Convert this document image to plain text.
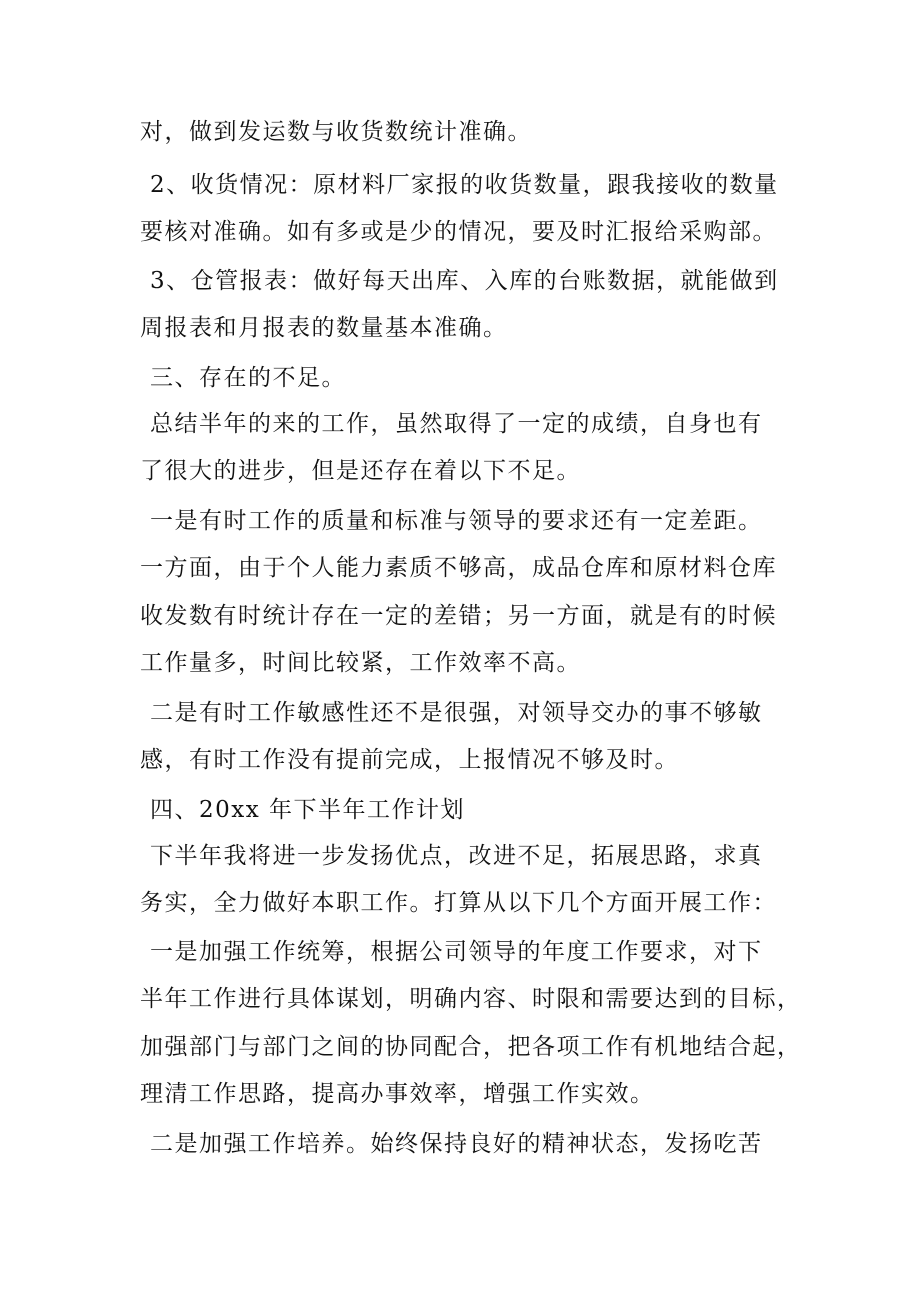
对，做到发运数与收货数统计准确。
2、收货情况：原材料厂家报的收货数量，跟我接收的数量
要核对准确。如有多或是少的情况，要及时汇报给采购部。
3、仓管报表：做好每天出库、入库的台账数据，就能做到
周报表和月报表的数量基本准确。
三、存在的不足。
总结半年的来的工作，虽然取得了一定的成绩，自身也有
了很大的进步，但是还存在着以下不足。
一是有时工作的质量和标准与领导的要求还有一定差距。
一方面，由于个人能力素质不够高，成品仓库和原材料仓库
收发数有时统计存在一定的差错；另一方面，就是有的时候
工作量多，时间比较紧，工作效率不高。
二是有时工作敏感性还不是很强，对领导交办的事不够敏
感，有时工作没有提前完成，上报情况不够及时。
四、20xx 年下半年工作计划
下半年我将进一步发扬优点，改进不足，拓展思路，求真
务实，全力做好本职工作。打算从以下几个方面开展工作：
一是加强工作统筹，根据公司领导的年度工作要求，对下
半年工作进行具体谋划，明确内容、时限和需要达到的目标，
加强部门与部门之间的协同配合，把各项工作有机地结合起，
理清工作思路，提高办事效率，增强工作实效。
二是加强工作培养。始终保持良好的精神状态，发扬吃苦
